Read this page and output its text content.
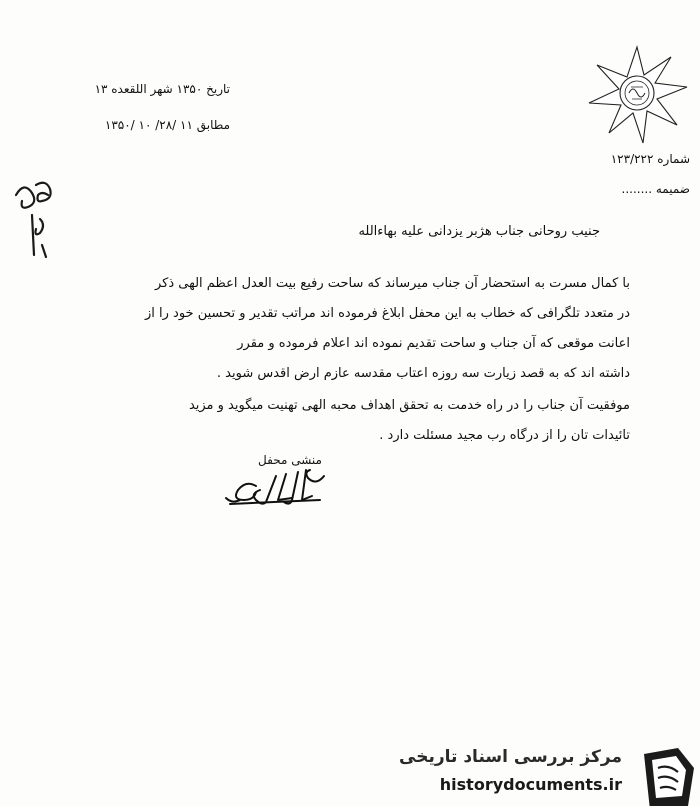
تاریخ ۱۳۵۰ شهر اللقعده ۱۳
مطابق ۱۱ /۲۸/ ۱۰ /۱۳۵۰
شماره ۱۲۳/۲۲۲
ضمیمه ........
جنیب روحانی جناب هژبر یزدانی علیه بهاءالله
با کمال مسرت به استحضار آن جناب میرساند که ساحت رفیع بیت العدل اعظم الهی ذکر
در متعدد تلگرافی که خطاب به این محفل ابلاغ فرموده اند مراتب تقدیر و تحسین خود را از
اعانت موقعی که آن جناب و ساحت تقدیم نموده اند اعلام فرموده و مقرر
داشته اند که به قصد زیارت سه روزه اعتاب مقدسه عازم ارض اقدس شوید .
موفقیت آن جناب را در راه خدمت به تحقق اهداف محبه الهی تهنیت میگوید و مزید
تائیدات تان را از درگاه رب مجید مسئلت دارد .
منشی محفل
مرکز بررسی اسناد تاریخی
historydocuments.ir
